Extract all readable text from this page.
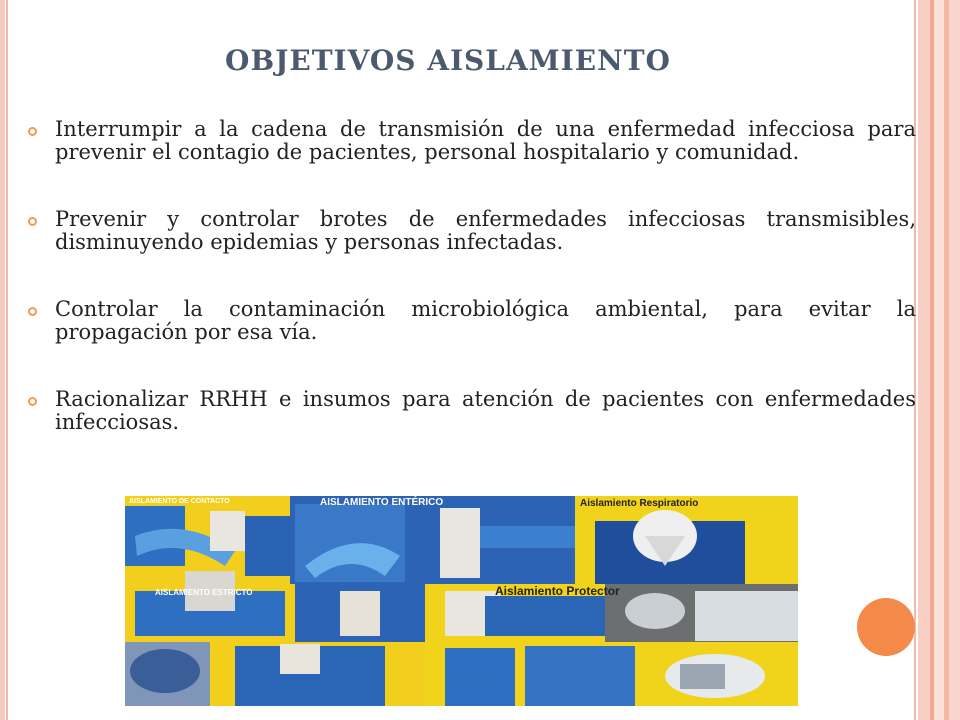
OBJETIVOS AISLAMIENTO
Interrumpir a la cadena de transmisión de una enfermedad infecciosa para prevenir el contagio de pacientes, personal hospitalario y comunidad.
Prevenir y controlar brotes de enfermedades infecciosas transmisibles, disminuyendo epidemias y personas infectadas.
Controlar la contaminación microbiológica ambiental, para evitar la propagación por esa vía.
Racionalizar RRHH e insumos para atención de pacientes con enfermedades infecciosas.
AISLAMIENTO DE CONTACTO	AISLAMIENTO ENTÉRICO	Aislamiento Respiratorio
AISLAMIENTO ESTRICTO	Aislamiento Protector
